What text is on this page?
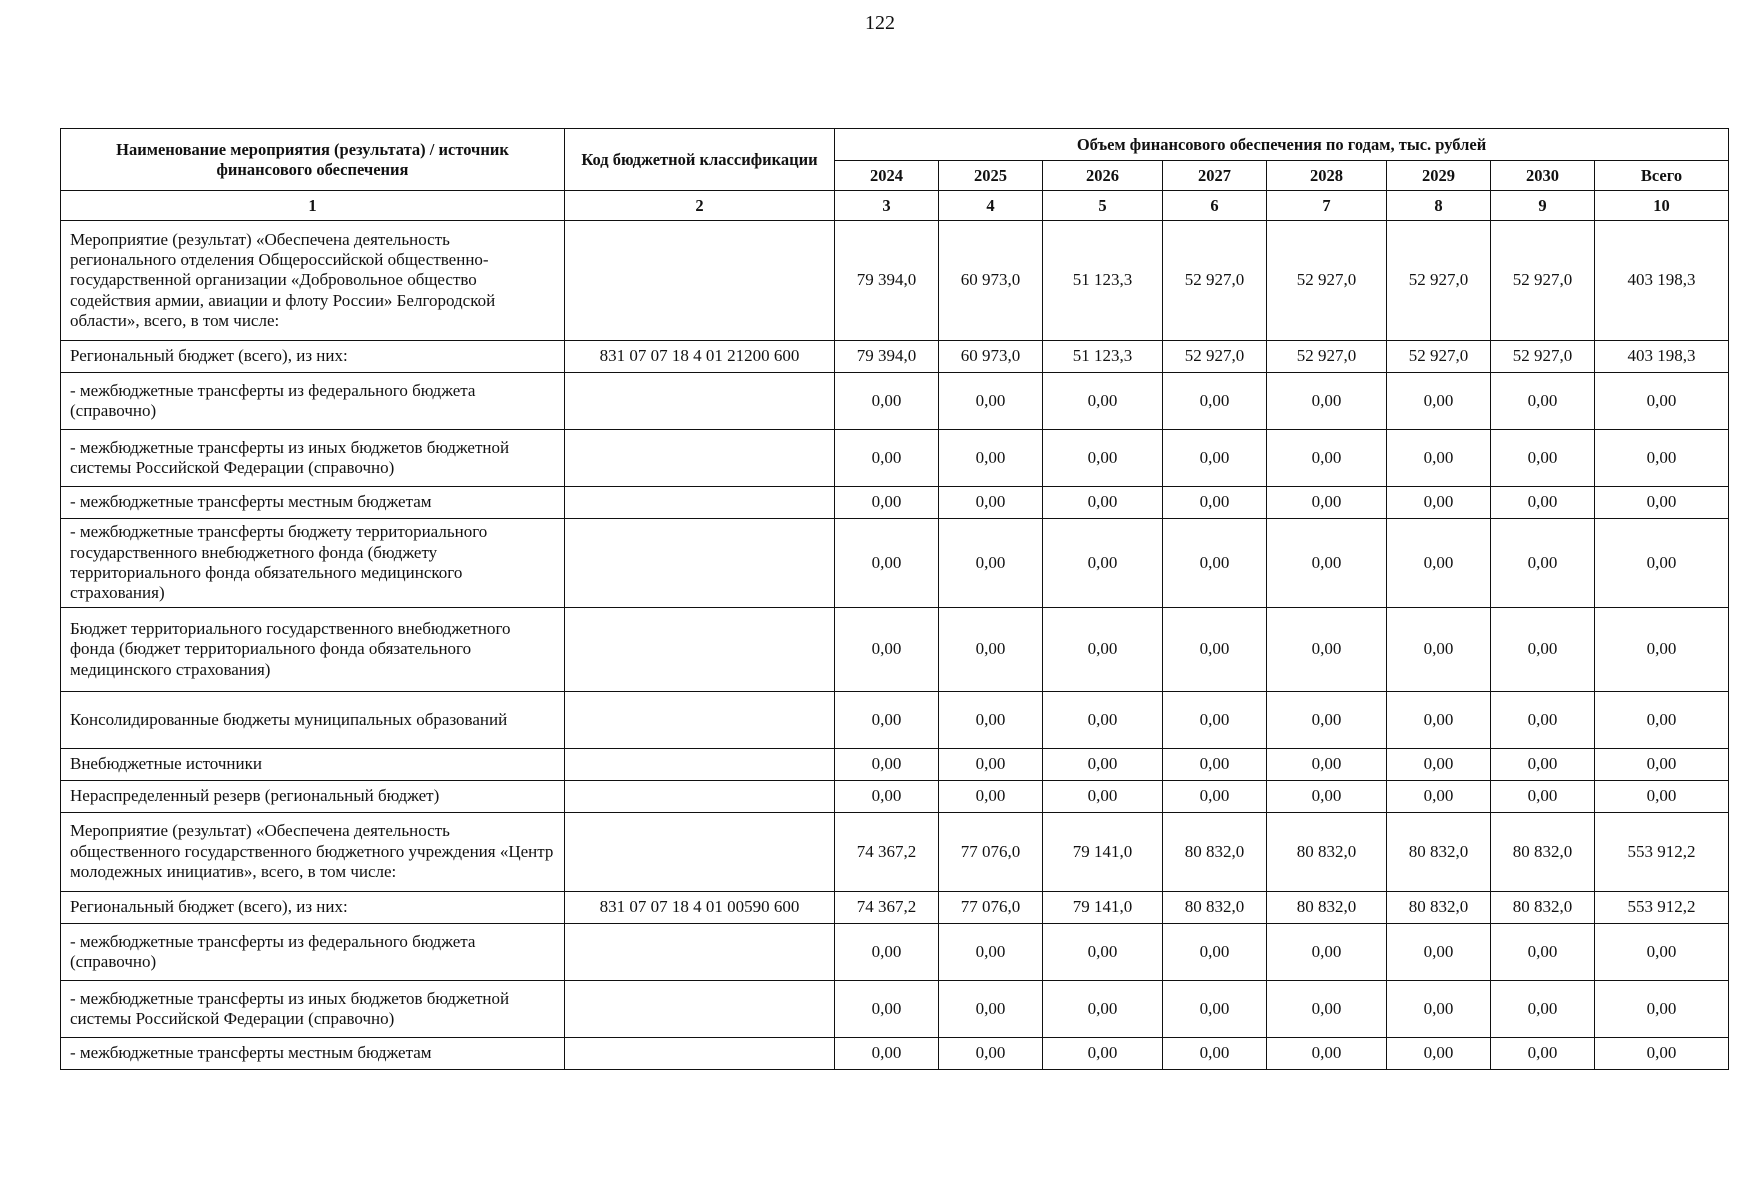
122
Наименование мероприятия (результата) / источник финансового обеспечения	Код бюджетной классификации	Объем финансового обеспечения по годам, тыс. рублей							
		2024	2025	2026	2027	2028	2029	2030	Всего
1	2	3	4	5	6	7	8	9	10
Мероприятие (результат) «Обеспечена деятельность регионального отделения Общероссийской общественно-государственной организации «Добровольное общество содействия армии, авиации и флоту России» Белгородской области», всего, в том числе:		79 394,0	60 973,0	51 123,3	52 927,0	52 927,0	52 927,0	52 927,0	403 198,3
Региональный бюджет (всего), из них:	831 07 07 18 4 01 21200 600	79 394,0	60 973,0	51 123,3	52 927,0	52 927,0	52 927,0	52 927,0	403 198,3
- межбюджетные трансферты из федерального бюджета (справочно)		0,00	0,00	0,00	0,00	0,00	0,00	0,00	0,00
- межбюджетные трансферты из иных бюджетов бюджетной системы Российской Федерации (справочно)		0,00	0,00	0,00	0,00	0,00	0,00	0,00	0,00
- межбюджетные трансферты местным бюджетам		0,00	0,00	0,00	0,00	0,00	0,00	0,00	0,00
- межбюджетные трансферты бюджету территориального государственного внебюджетного фонда (бюджету территориального фонда обязательного медицинского страхования)		0,00	0,00	0,00	0,00	0,00	0,00	0,00	0,00
Бюджет территориального государственного внебюджетного фонда (бюджет территориального фонда обязательного медицинского страхования)		0,00	0,00	0,00	0,00	0,00	0,00	0,00	0,00
Консолидированные бюджеты муниципальных образований		0,00	0,00	0,00	0,00	0,00	0,00	0,00	0,00
Внебюджетные источники		0,00	0,00	0,00	0,00	0,00	0,00	0,00	0,00
Нераспределенный резерв (региональный бюджет)		0,00	0,00	0,00	0,00	0,00	0,00	0,00	0,00
Мероприятие (результат) «Обеспечена деятельность общественного государственного бюджетного учреждения «Центр молодежных инициатив», всего, в том числе:		74 367,2	77 076,0	79 141,0	80 832,0	80 832,0	80 832,0	80 832,0	553 912,2
Региональный бюджет (всего), из них:	831 07 07 18 4 01 00590 600	74 367,2	77 076,0	79 141,0	80 832,0	80 832,0	80 832,0	80 832,0	553 912,2
- межбюджетные трансферты из федерального бюджета (справочно)		0,00	0,00	0,00	0,00	0,00	0,00	0,00	0,00
- межбюджетные трансферты из иных бюджетов бюджетной системы Российской Федерации (справочно)		0,00	0,00	0,00	0,00	0,00	0,00	0,00	0,00
- межбюджетные трансферты местным бюджетам		0,00	0,00	0,00	0,00	0,00	0,00	0,00	0,00
